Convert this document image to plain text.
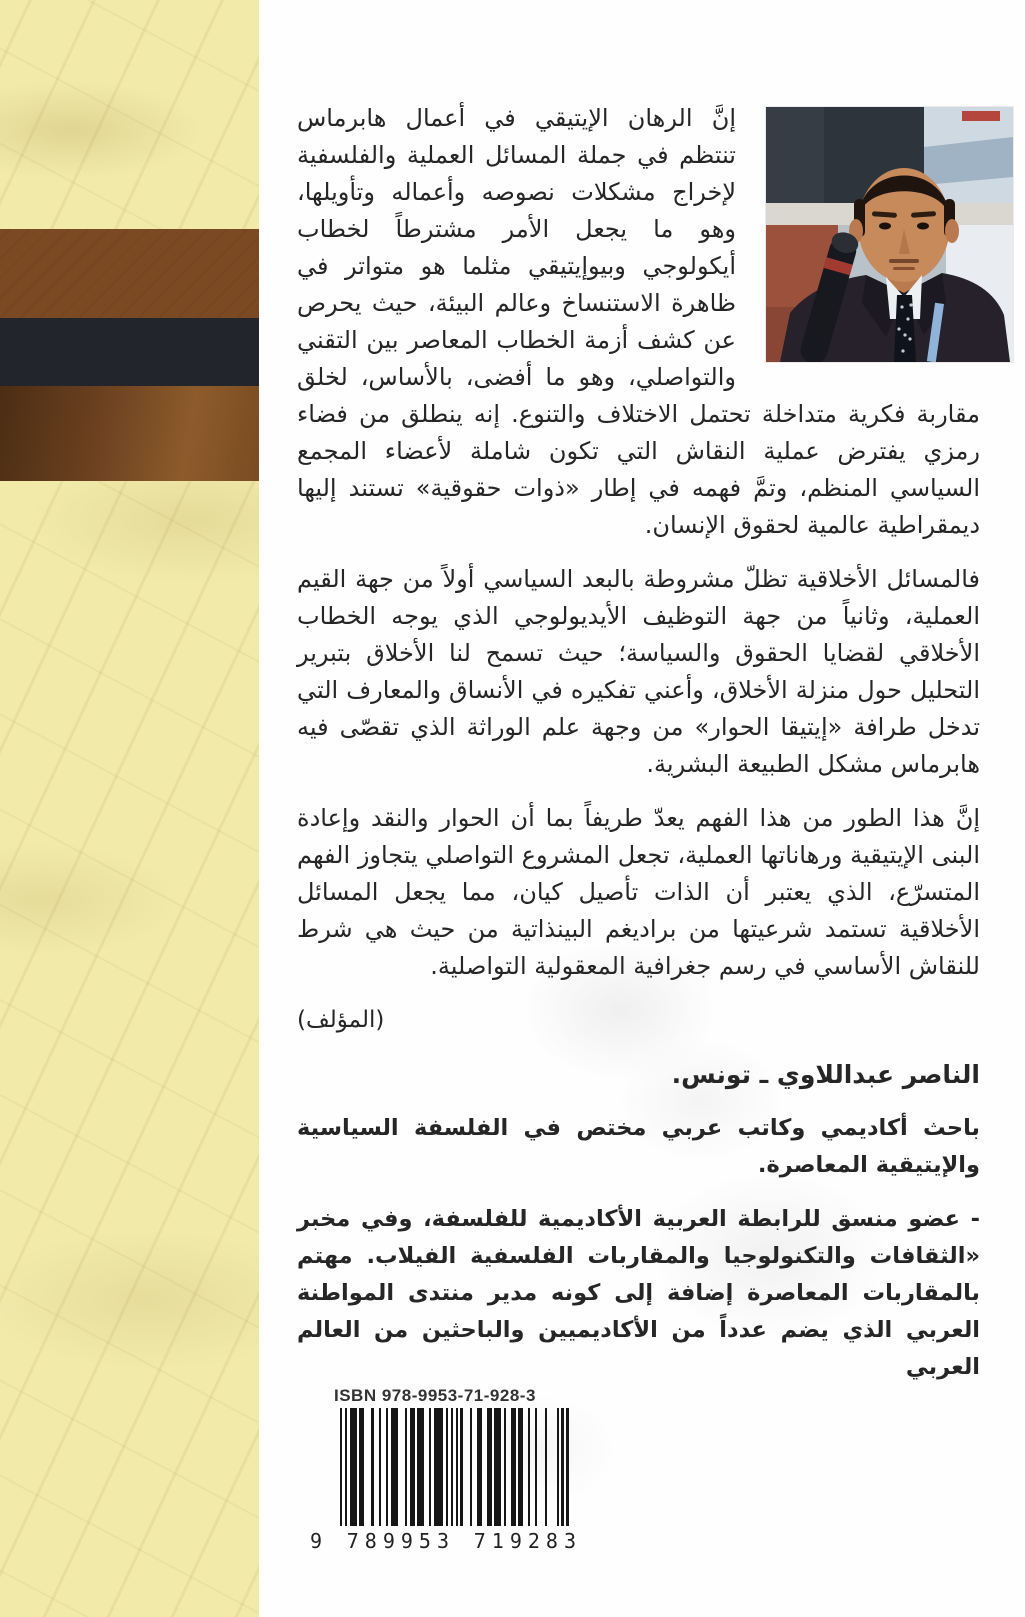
إنَّ الرهان الإيتيقي في أعمال هابرماس تنتظم في جملة المسائل العملية والفلسفية لإخراج مشكلات نصوصه وأعماله وتأويلها، وهو ما يجعل الأمر مشترطاً لخطاب أيكولوجي وبيوإيتيقي مثلما هو متواتر في ظاهرة الاستنساخ وعالم البيئة، حيث يحرص عن كشف أزمة الخطاب المعاصر بين التقني والتواصلي، وهو ما أفضى، بالأساس، لخلق مقاربة فكرية متداخلة تحتمل الاختلاف والتنوع. إنه ينطلق من فضاء رمزي يفترض عملية النقاش التي تكون شاملة لأعضاء المجمع السياسي المنظم، وتمَّ فهمه في إطار «ذوات حقوقية» تستند إليها ديمقراطية عالمية لحقوق الإنسان.

فالمسائل الأخلاقية تظلّ مشروطة بالبعد السياسي أولاً من جهة القيم العملية، وثانياً من جهة التوظيف الأيديولوجي الذي يوجه الخطاب الأخلاقي لقضايا الحقوق والسياسة؛ حيث تسمح لنا الأخلاق بتبرير التحليل حول منزلة الأخلاق، وأعني تفكيره في الأنساق والمعارف التي تدخل طرافة «إيتيقا الحوار» من وجهة علم الوراثة الذي تقصّى فيه هابرماس مشكل الطبيعة البشرية.

إنَّ هذا الطور من هذا الفهم يعدّ طريفاً بما أن الحوار والنقد وإعادة البنى الإيتيقية ورهاناتها العملية، تجعل المشروع التواصلي يتجاوز الفهم المتسرّع، الذي يعتبر أن الذات تأصيل كيان، مما يجعل المسائل الأخلاقية تستمد شرعيتها من براديغم البينذاتية من حيث هي شرط للنقاش الأساسي في رسم جغرافية المعقولية التواصلية.

(المؤلف)

الناصر عبداللاوي ـ تونس.

باحث أكاديمي وكاتب عربي مختص في الفلسفة السياسية والإيتيقية المعاصرة.

- عضو منسق للرابطة العربية الأكاديمية للفلسفة، وفي مخبر «الثقافات والتكنولوجيا والمقاربات الفلسفية الفيلاب. مهتم بالمقاربات المعاصرة إضافة إلى كونه مدير منتدى المواطنة العربي الذي يضم عدداً من الأكاديميين والباحثين من العالم العربي

ISBN 978-9953-71-928-3
9 789953 719283
